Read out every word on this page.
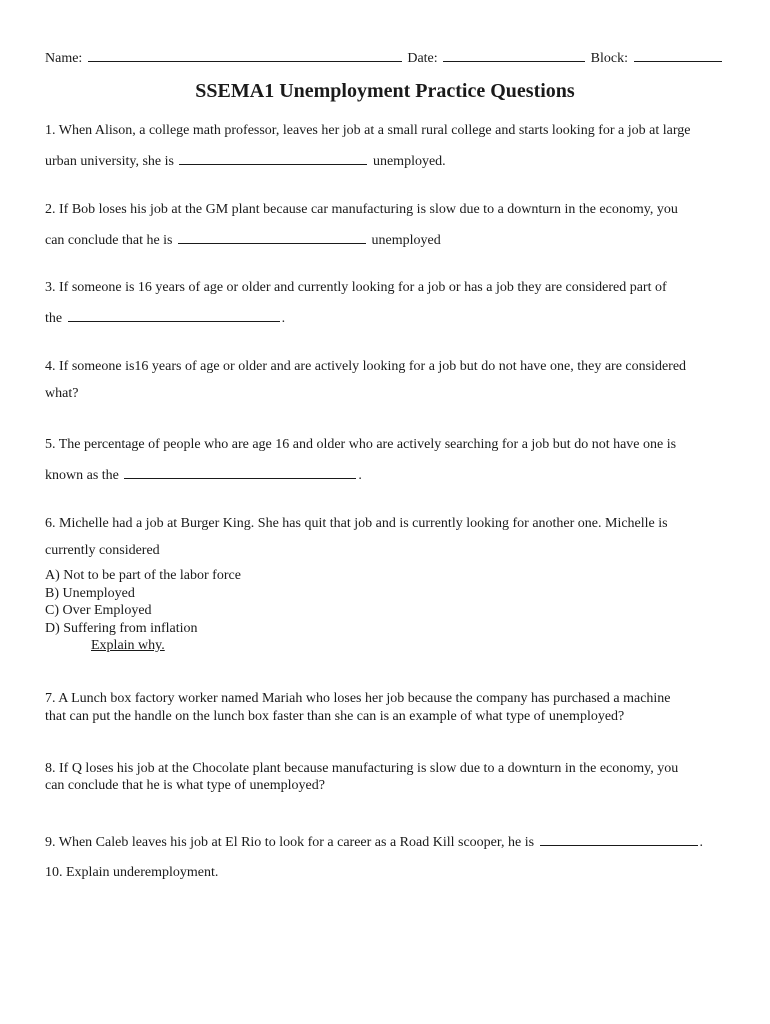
Name:	Date:	Block:
SSEMA1 Unemployment Practice Questions
1. When Alison, a college math professor, leaves her job at a small rural college and starts looking for a job at large
urban university, she is	unemployed.
2. If Bob loses his job at the GM plant because car manufacturing is slow due to a downturn in the economy, you
can conclude that he is	unemployed
3. If someone is 16 years of age or older and currently looking for a job or has a job they are considered part of
the	.
4. If someone is16 years of age or older and are actively looking for a job but do not have one, they are considered
what?
5. The percentage of people who are age 16 and older who are actively searching for a job but do not have one is
known as the	.
6. Michelle had a job at Burger King. She has quit that job and is currently looking for another one. Michelle is
currently considered
A) Not to be part of the labor force
B) Unemployed
C) Over Employed
D) Suffering from inflation
Explain why.
7. A Lunch box factory worker named Mariah who loses her job because the company has purchased a machine
that can put the handle on the lunch box faster than she can is an example of what type of unemployed?
8. If Q loses his job at the Chocolate plant because manufacturing is slow due to a downturn in the economy, you
can conclude that he is what type of unemployed?
9. When Caleb leaves his job at El Rio to look for a career as a Road Kill scooper, he is	.
10. Explain underemployment.
